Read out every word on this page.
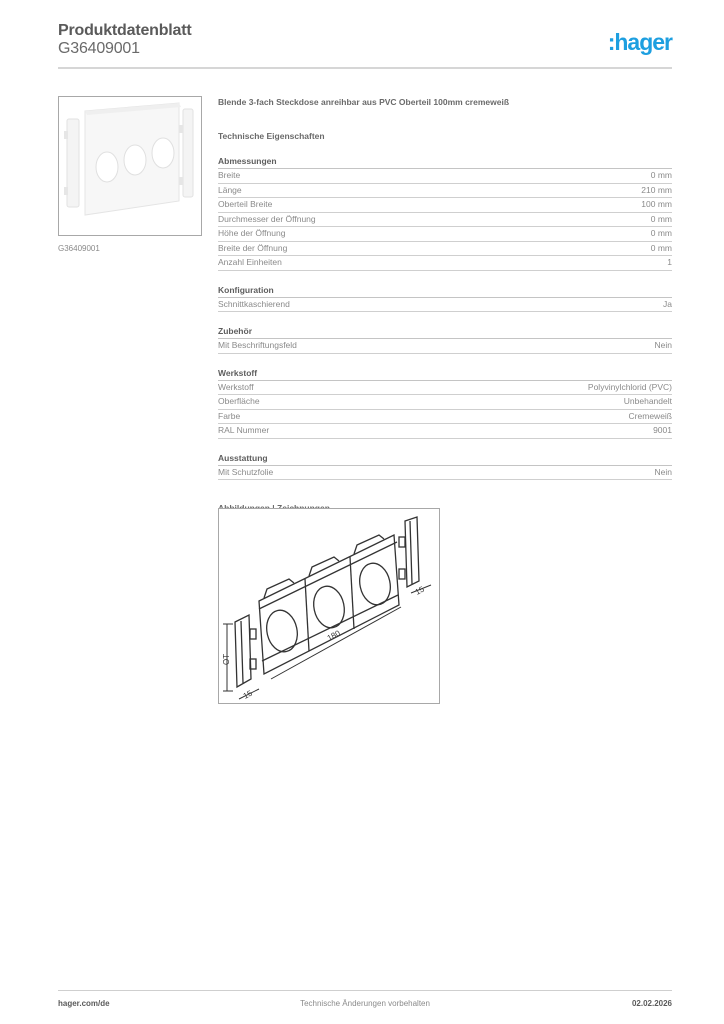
Produktdatenblatt
G36409001	:hager
G36409001
Blende 3-fach Steckdose anreihbar aus PVC Oberteil 100mm cremeweiß
Technische Eigenschaften
Abmessungen
Breite	0 mm
Länge	210 mm
Oberteil Breite	100 mm
Durchmesser der Öffnung	0 mm
Höhe der Öffnung	0 mm
Breite der Öffnung	0 mm
Anzahl Einheiten	1
Konfiguration
Schnittkaschierend	Ja
Zubehör
Mit Beschriftungsfeld	Nein
Werkstoff
Werkstoff	Polyvinylchlorid (PVC)
Oberfläche	Unbehandelt
Farbe	Cremeweiß
RAL Nummer	9001
Ausstattung
Mit Schutzfolie	Nein
OT
180
15
15
hager.com/de	Technische Änderungen vorbehalten	02.02.2026
